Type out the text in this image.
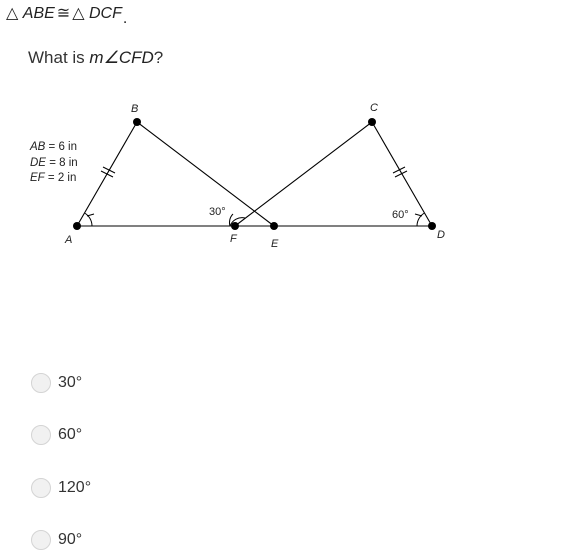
△ ABE ≅ △ DCF.
What is m∠CFD?
A
B	C
D
F	E
30°	60°
AB = 6 in
DE = 8 in
EF = 2 in
30°
60°
120°
90°
